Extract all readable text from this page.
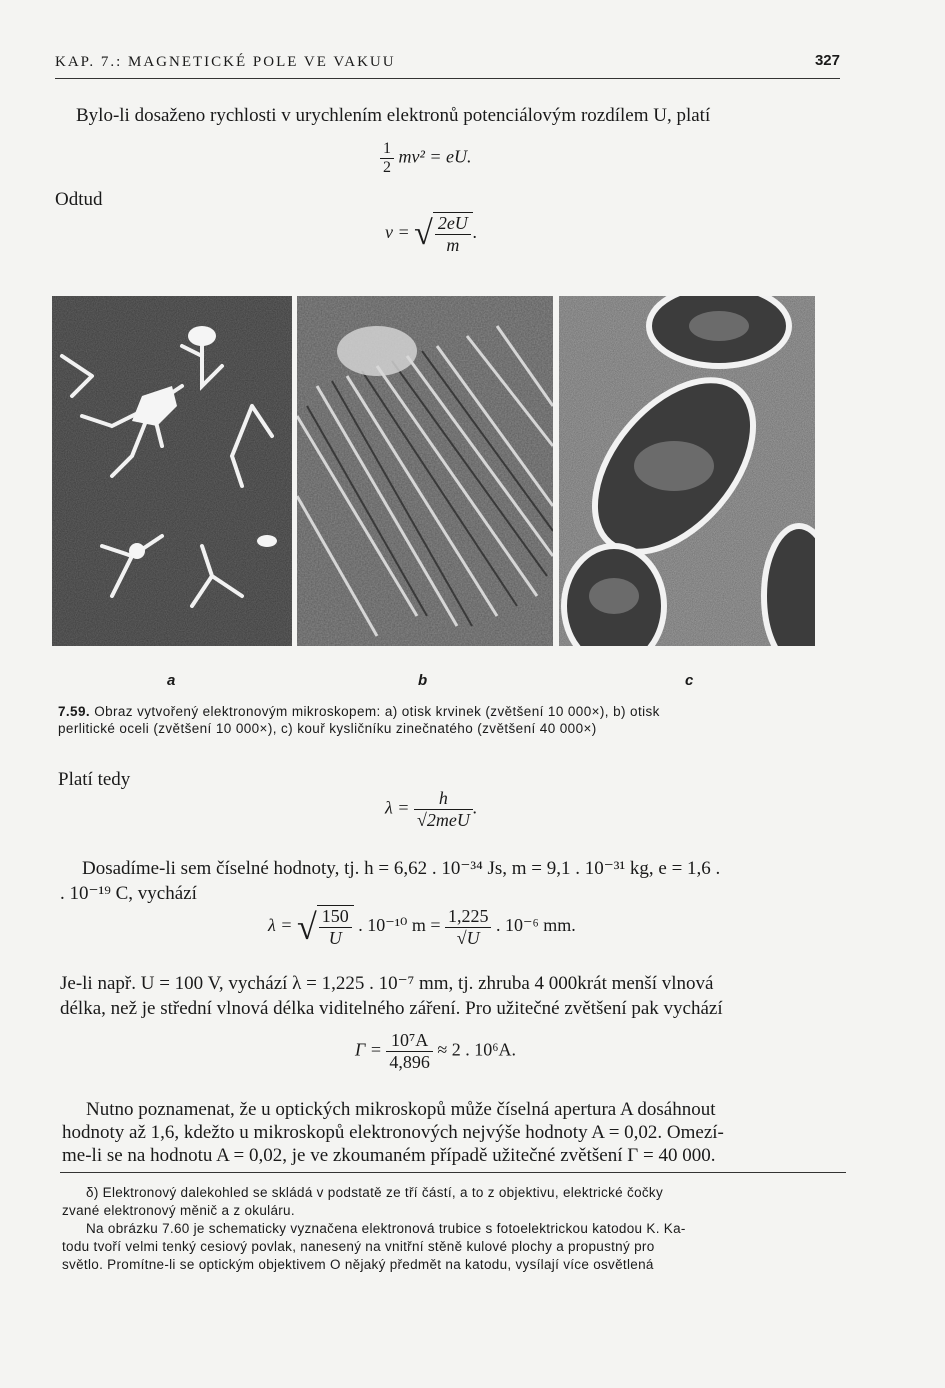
KAP. 7.: MAGNETICKÉ POLE VE VAKUU	327
Bylo-li dosaženo rychlosti v urychlením elektronů potenciálovým rozdílem U, platí
$\frac{1}{2} mv^2$ = eU.
Odtud
v = √ $\frac{2eU}{m}$ .
a	b	c
7.59. Obraz vytvořený elektronovým mikroskopem: a) otisk krvinek (zvětšení 10 000×), b) otisk
perlitické oceli (zvětšení 10 000×), c) kouř kysličníku zinečnatého (zvětšení 40 000×)
Platí tedy
$\lambda = \frac{h}{\text{√2meU}}$ .
Dosadíme-li sem číselné hodnoty, tj. h = 6,62 . 10⁻³⁴ Js, m = 9,1 . 10⁻³¹ kg, e = 1,6 .
. 10⁻¹⁹ C, vychází
λ = √ $\frac{150}{U}$ . 10⁻¹⁰ $m = \frac{1,225}{√U}$ . 10⁻⁶ mm.
Je-li např. U = 100 V, vychází λ = 1,225 . 10⁻⁷ mm, tj. zhruba 4 000krát menší vlnová
délka, než je střední vlnová délka viditelného záření. Pro užitečné zvětšení pak vychází
$\Gamma = \frac{\text{10⁷A}}{4,896} \approx 2$ . 10⁶A.
Nutno poznamenat, že u optických mikroskopů může číselná apertura A dosáhnout
hodnoty až 1,6, kdežto u mikroskopů elektronových nejvýše hodnoty A = 0,02. Omezí-
me-li se na hodnotu A = 0,02, je ve zkoumaném případě užitečné zvětšení Γ = 40 000.
δ) Elektronový dalekohled se skládá v podstatě ze tří částí, a to z objektivu, elektrické čočky
zvané elektronový měnič a z okuláru.
Na obrázku 7.60 je schematicky vyznačena elektronová trubice s fotoelektrickou katodou K. Ka-
todu tvoří velmi tenký cesiový povlak, nanesený na vnitřní stěně kulové plochy a propustný pro
světlo. Promítne-li se optickým objektivem O nějaký předmět na katodu, vysílají více osvětlená
